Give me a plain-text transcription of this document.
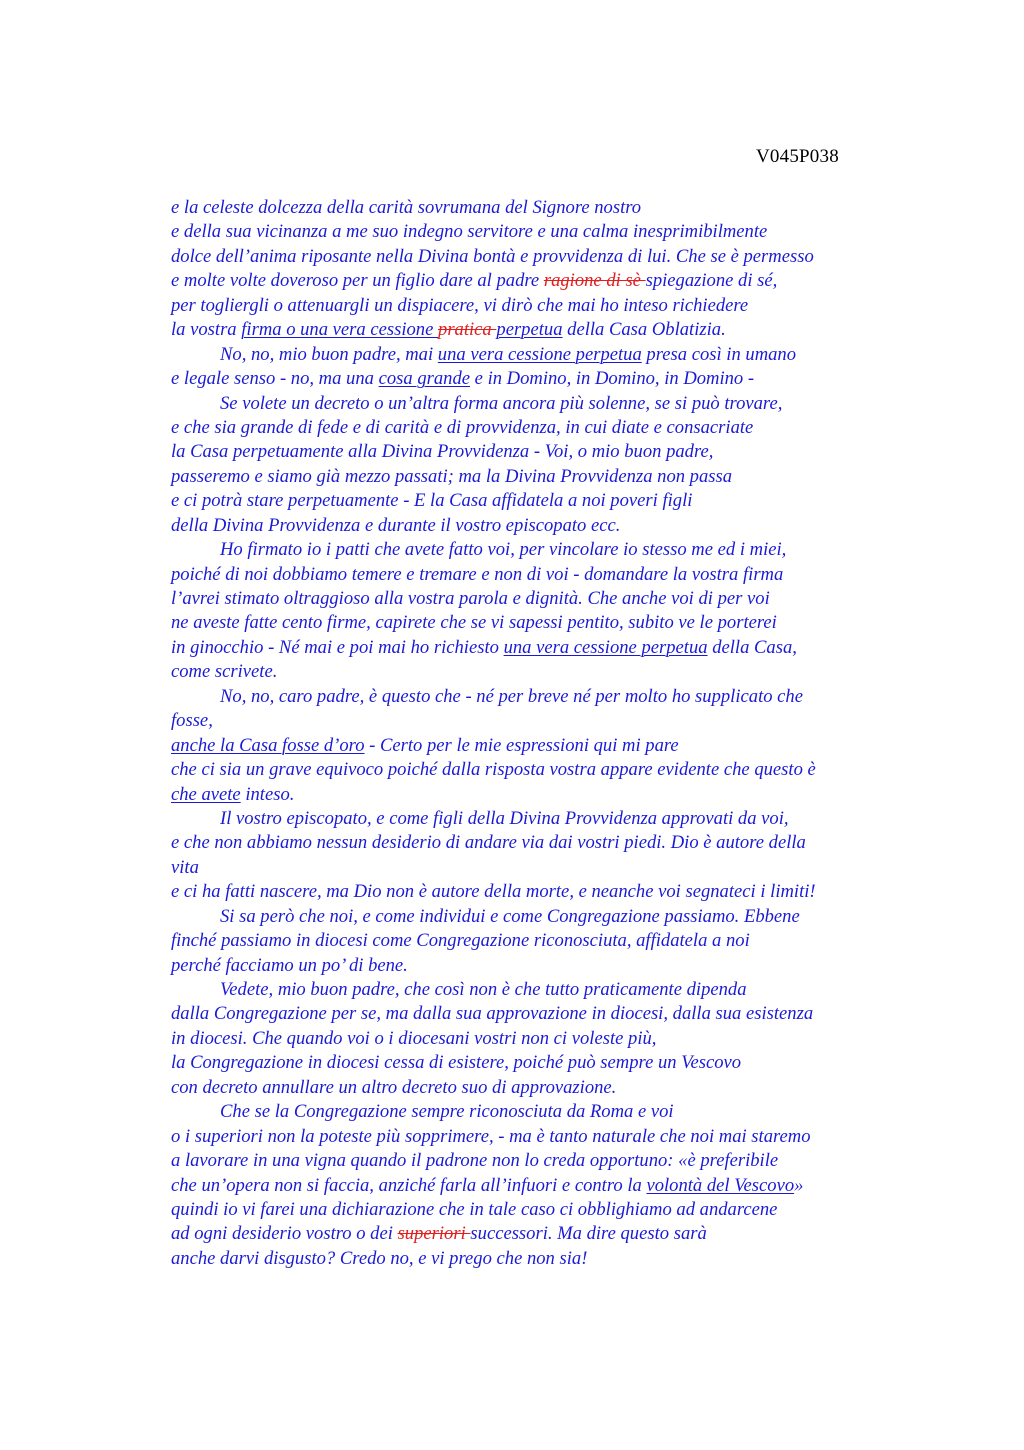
V045P038
e la celeste dolcezza della carità sovrumana del Signore nostro
e della sua vicinanza a me suo indegno servitore e una calma inesprimibilmente
dolce dell’anima riposante nella Divina bontà e provvidenza di lui. Che se è permesso
e molte volte doveroso per un figlio dare al padre ragione di sè spiegazione di sé,
per togliergli o attenuargli un dispiacere, vi dirò che mai ho inteso richiedere
la vostra firma o una vera cessione pratica perpetua della Casa Oblatizia.
No, no, mio buon padre, mai una vera cessione perpetua presa così in umano
e legale senso - no, ma una cosa grande e in Domino, in Domino, in Domino -
Se volete un decreto o un’altra forma ancora più solenne, se si può trovare,
e che sia grande di fede e di carità e di provvidenza, in cui diate e consacriate
la Casa perpetuamente alla Divina Provvidenza - Voi, o mio buon padre,
passeremo e siamo già mezzo passati; ma la Divina Provvidenza non passa
e ci potrà stare perpetuamente - E la Casa affidatela a noi poveri figli
della Divina Provvidenza e durante il vostro episcopato ecc.
Ho firmato io i patti che avete fatto voi, per vincolare io stesso me ed i miei,
poiché di noi dobbiamo temere e tremare e non di voi - domandare la vostra firma
l’avrei stimato oltraggioso alla vostra parola e dignità. Che anche voi di per voi
ne aveste fatte cento firme, capirete che se vi sapessi pentito, subito ve le porterei
in ginocchio - Né mai e poi mai ho richiesto una vera cessione perpetua della Casa,
come scrivete.
No, no, caro padre, è questo che - né per breve né per molto ho supplicato che
fosse,
anche la Casa fosse d’oro - Certo per le mie espressioni qui mi pare
che ci sia un grave equivoco poiché dalla risposta vostra appare evidente che questo è
che avete inteso.
Il vostro episcopato, e come figli della Divina Provvidenza approvati da voi,
e che non abbiamo nessun desiderio di andare via dai vostri piedi. Dio è autore della
vita
e ci ha fatti nascere, ma Dio non è autore della morte, e neanche voi segnateci i limiti!
Si sa però che noi, e come individui e come Congregazione passiamo. Ebbene
finché passiamo in diocesi come Congregazione riconosciuta, affidatela a noi
perché facciamo un po’ di bene.
Vedete, mio buon padre, che così non è che tutto praticamente dipenda
dalla Congregazione per se, ma dalla sua approvazione in diocesi, dalla sua esistenza
in diocesi. Che quando voi o i diocesani vostri non ci voleste più,
la Congregazione in diocesi cessa di esistere, poiché può sempre un Vescovo
con decreto annullare un altro decreto suo di approvazione.
Che se la Congregazione sempre riconosciuta da Roma e voi
o i superiori non la poteste più sopprimere, - ma è tanto naturale che noi mai staremo
a lavorare in una vigna quando il padrone non lo creda opportuno: «è preferibile
che un’opera non si faccia, anziché farla all’infuori e contro la volontà del Vescovo»
quindi io vi farei una dichiarazione che in tale caso ci obblighiamo ad andarcene
ad ogni desiderio vostro o dei superiori successori. Ma dire questo sarà
anche darvi disgusto? Credo no, e vi prego che non sia!
